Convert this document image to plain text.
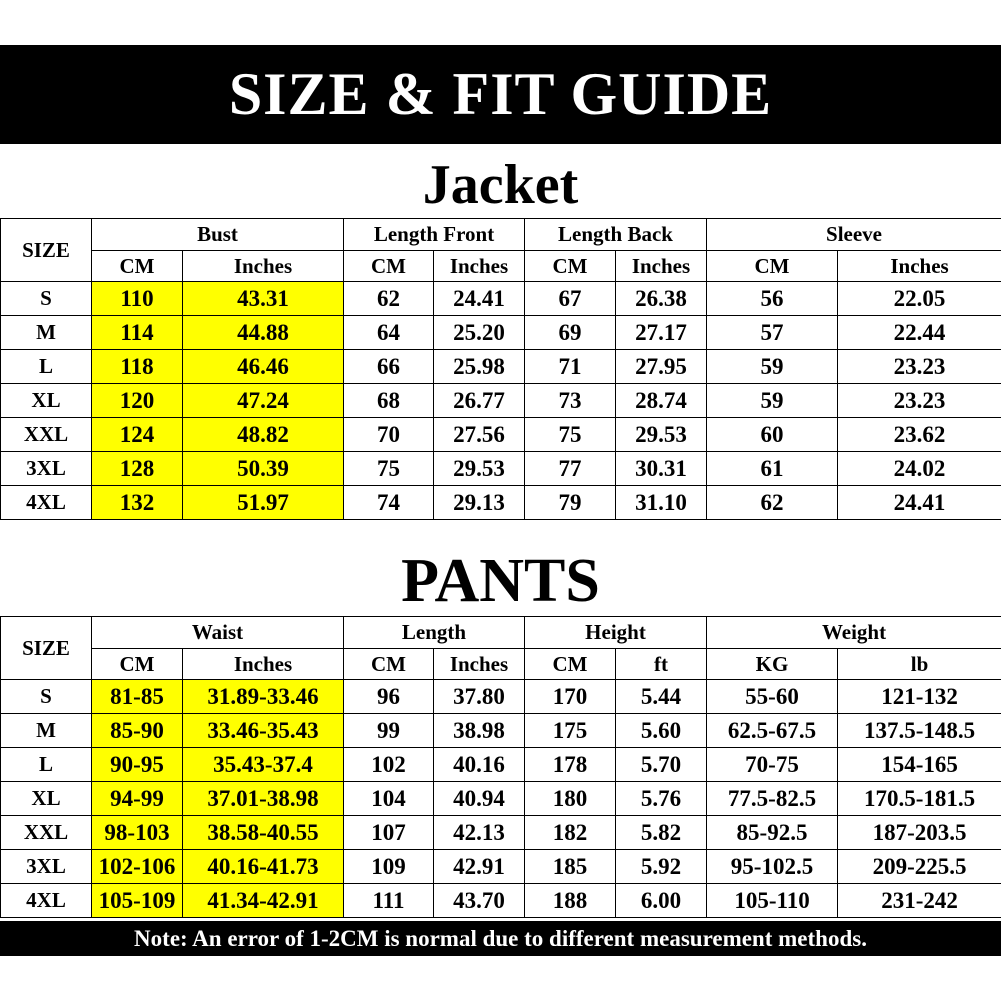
SIZE & FIT GUIDE
Jacket
SIZE	Bust		Length Front		Length Back		Sleeve	
	CM	Inches	CM	Inches	CM	Inches	CM	Inches
S	110	43.31	62	24.41	67	26.38	56	22.05
M	114	44.88	64	25.20	69	27.17	57	22.44
L	118	46.46	66	25.98	71	27.95	59	23.23
XL	120	47.24	68	26.77	73	28.74	59	23.23
XXL	124	48.82	70	27.56	75	29.53	60	23.62
3XL	128	50.39	75	29.53	77	30.31	61	24.02
4XL	132	51.97	74	29.13	79	31.10	62	24.41
PANTS
SIZE	Waist		Length		Height		Weight	
	CM	Inches	CM	Inches	CM	ft	KG	lb
S	81-85	31.89-33.46	96	37.80	170	5.44	55-60	121-132
M	85-90	33.46-35.43	99	38.98	175	5.60	62.5-67.5	137.5-148.5
L	90-95	35.43-37.4	102	40.16	178	5.70	70-75	154-165
XL	94-99	37.01-38.98	104	40.94	180	5.76	77.5-82.5	170.5-181.5
XXL	98-103	38.58-40.55	107	42.13	182	5.82	85-92.5	187-203.5
3XL	102-106	40.16-41.73	109	42.91	185	5.92	95-102.5	209-225.5
4XL	105-109	41.34-42.91	111	43.70	188	6.00	105-110	231-242
Note: An error of 1-2CM is normal due to different measurement methods.
